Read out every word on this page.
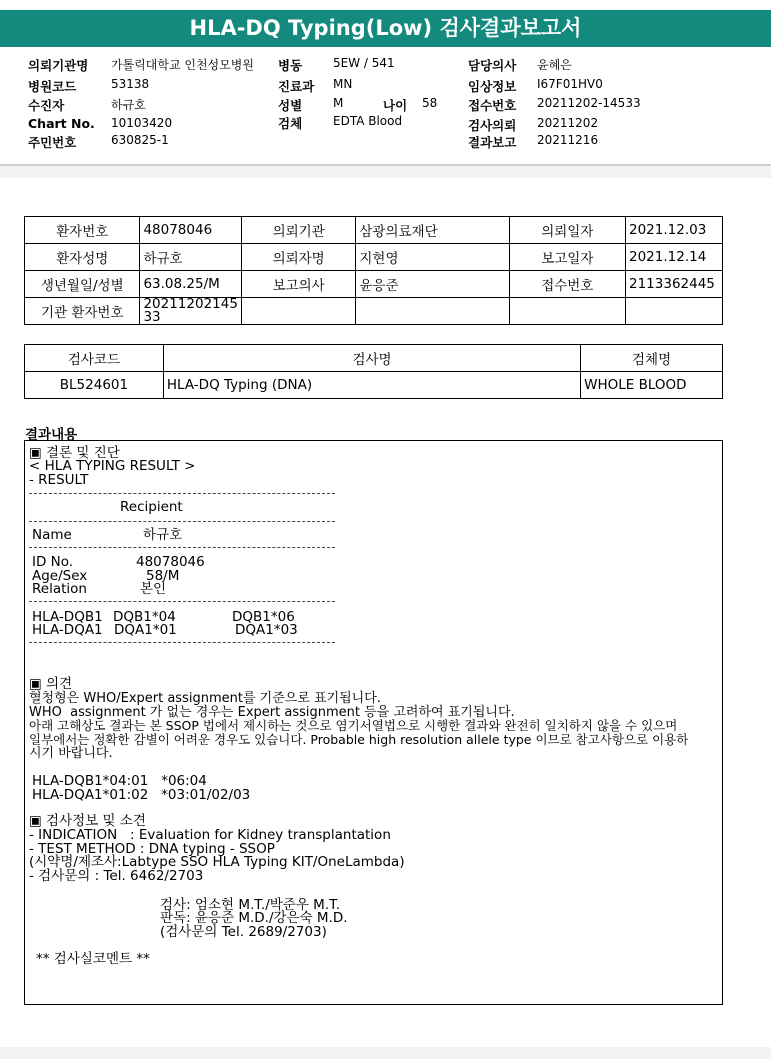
HLA-DQ Typing(Low) 검사결과보고서
의뢰기관명 가톨릭대학교 인천성모병원
병원코드	53138
수진자	하규호
Chart No. 10103420
주민번호	630825-1
병동	5EW / 541
진료과 MN
성별	M	나이 58
검체	EDTA Blood
담당의사 윤혜은
임상정보 I67F01HV0
접수번호 20211202-14533
검사의뢰 20211202
결과보고 20211216
환자번호	48078046	의뢰기관	삼광의료재단	의뢰일자	2021.12.03
환자성명	하규호	의뢰자명	지현영	보고일자	2021.12.14
생년월일/성별	63.08.25/M	보고의사	윤응준	접수번호	2113362445
기관 환자번호	20211202145
33				
검사코드	검사명	검체명
BL524601	HLA-DQ Typing (DNA)	WHOLE BLOOD
결과내용
▣ 결론 및 진단
< HLA TYPING RESULT >
- RESULT
Recipient
Name	하규호
ID No.	48078046
Age/Sex	58/M
Relation	본인
HLA-DQB1 DQB1*04	DQB1*06
HLA-DQA1 DQA1*01	DQA1*03
▣ 의견
혈청형은 WHO/Expert assignment를 기준으로 표기됩니다.
WHO  assignment 가 없는 경우는 Expert assignment 등을 고려하여 표기됩니다.
아래 고해상도 결과는 본 SSOP 법에서 제시하는 것으로 염기서열법으로 시행한 결과와 완전히 일치하지 않을 수 있으며
일부에서는 정확한 감별이 어려운 경우도 있습니다. Probable high resolution allele type 이므로 참고사항으로 이용하
시기 바랍니다.
HLA-DQB1*04:01   *06:04
HLA-DQA1*01:02   *03:01/02/03
▣ 검사정보 및 소견
- INDICATION   : Evaluation for Kidney transplantation
- TEST METHOD : DNA typing - SSOP
(시약명/제조사:Labtype SSO HLA Typing KIT/OneLambda)
- 검사문의 : Tel. 6462/2703
검사: 엄소현 M.T./박준우 M.T.
판독: 윤응준 M.D./강은숙 M.D.
(검사문의 Tel. 2689/2703)
** 검사실코멘트 **
